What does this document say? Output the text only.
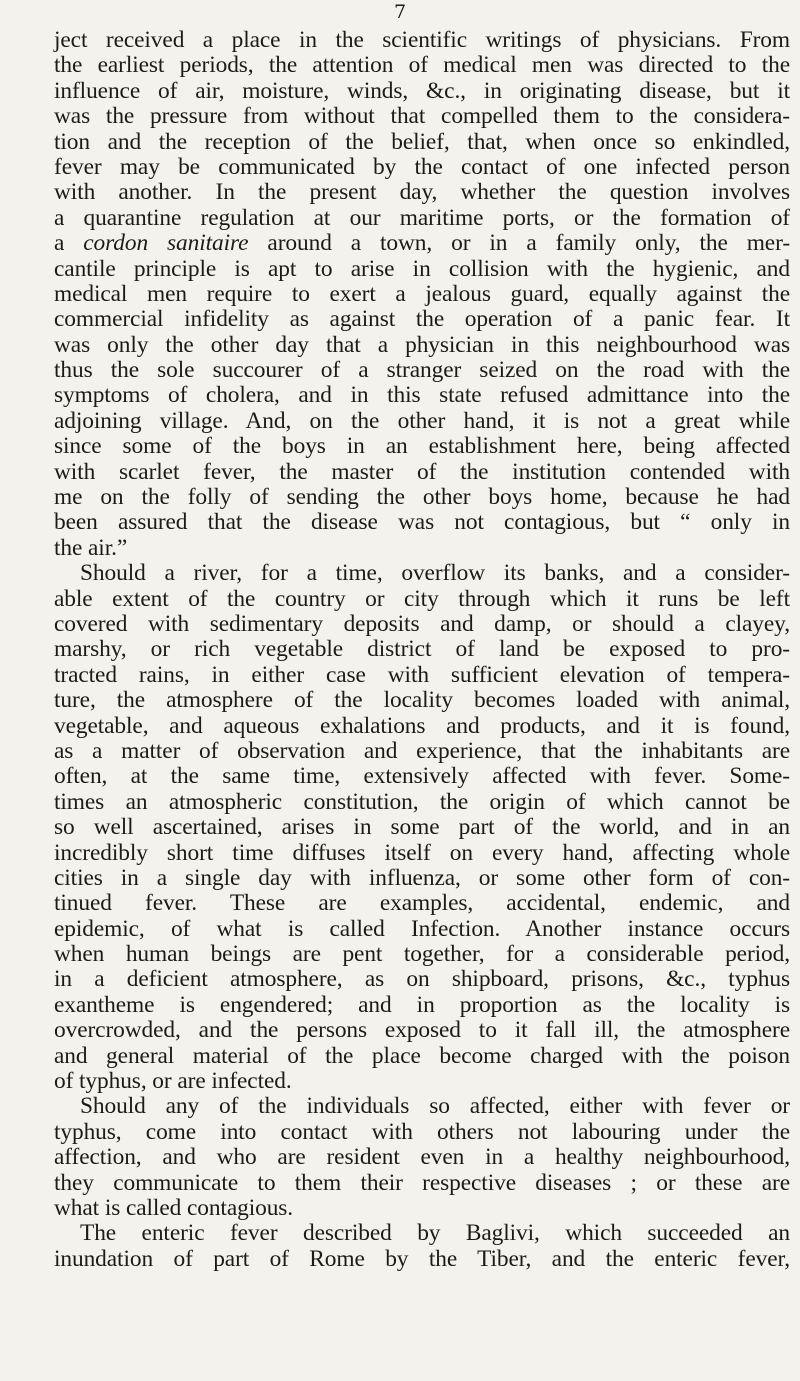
7
ject received a place in the scientific writings of physicians. From
the earliest periods, the attention of medical men was directed to the
influence of air, moisture, winds, &c., in originating disease, but it
was the pressure from without that compelled them to the considera-
tion and the reception of the belief, that, when once so enkindled,
fever may be communicated by the contact of one infected person
with another. In the present day, whether the question involves
a quarantine regulation at our maritime ports, or the formation of
a cordon sanitaire around a town, or in a family only, the mer-
cantile principle is apt to arise in collision with the hygienic, and
medical men require to exert a jealous guard, equally against the
commercial infidelity as against the operation of a panic fear. It
was only the other day that a physician in this neighbourhood was
thus the sole succourer of a stranger seized on the road with the
symptoms of cholera, and in this state refused admittance into the
adjoining village. And, on the other hand, it is not a great while
since some of the boys in an establishment here, being affected
with scarlet fever, the master of the institution contended with
me on the folly of sending the other boys home, because he had
been assured that the disease was not contagious, but “ only in
the air.”
Should a river, for a time, overflow its banks, and a consider-
able extent of the country or city through which it runs be left
covered with sedimentary deposits and damp, or should a clayey,
marshy, or rich vegetable district of land be exposed to pro-
tracted rains, in either case with sufficient elevation of tempera-
ture, the atmosphere of the locality becomes loaded with animal,
vegetable, and aqueous exhalations and products, and it is found,
as a matter of observation and experience, that the inhabitants are
often, at the same time, extensively affected with fever. Some-
times an atmospheric constitution, the origin of which cannot be
so well ascertained, arises in some part of the world, and in an
incredibly short time diffuses itself on every hand, affecting whole
cities in a single day with influenza, or some other form of con-
tinued fever. These are examples, accidental, endemic, and
epidemic, of what is called Infection. Another instance occurs
when human beings are pent together, for a considerable period,
in a deficient atmosphere, as on shipboard, prisons, &c., typhus
exantheme is engendered; and in proportion as the locality is
overcrowded, and the persons exposed to it fall ill, the atmosphere
and general material of the place become charged with the poison
of typhus, or are infected.
Should any of the individuals so affected, either with fever or
typhus, come into contact with others not labouring under the
affection, and who are resident even in a healthy neighbourhood,
they communicate to them their respective diseases ; or these are
what is called contagious.
The enteric fever described by Baglivi, which succeeded an
inundation of part of Rome by the Tiber, and the enteric fever,
